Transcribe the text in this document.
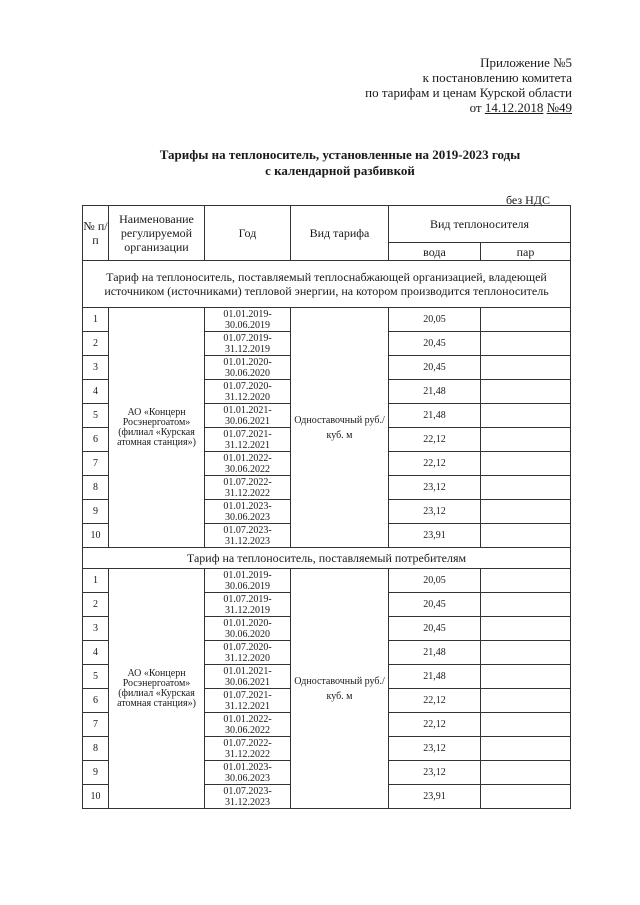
Приложение №5
к постановлению комитета
по тарифам и ценам Курской области
от 14.12.2018 №49
Тарифы на теплоноситель, установленные на 2019-2023 годы
с календарной разбивкой
без НДС
№ п/п	Наименование регулируемой организации	Год	Вид тарифа	Вид теплоносителя	
				вода	пар
Тариф на теплоноситель, поставляемый теплоснабжающей организацией, владеющей источником (источниками) тепловой энергии, на котором производится теплоноситель					
1	АО «Концерн Росэнергоатом» (филиал «Курская атомная станция»)	01.01.2019-30.06.2019	Одноставочный руб./куб. м	20,05	
2		01.07.2019-31.12.2019		20,45	
3		01.01.2020-30.06.2020		20,45	
4		01.07.2020-31.12.2020		21,48	
5		01.01.2021-30.06.2021		21,48	
6		01.07.2021-31.12.2021		22,12	
7		01.01.2022-30.06.2022		22,12	
8		01.07.2022-31.12.2022		23,12	
9		01.01.2023-30.06.2023		23,12	
10		01.07.2023-31.12.2023		23,91	
Тариф на теплоноситель, поставляемый потребителям					
1	АО «Концерн Росэнергоатом» (филиал «Курская атомная станция»)	01.01.2019-30.06.2019	Одноставочный руб./куб. м	20,05	
2		01.07.2019-31.12.2019		20,45	
3		01.01.2020-30.06.2020		20,45	
4		01.07.2020-31.12.2020		21,48	
5		01.01.2021-30.06.2021		21,48	
6		01.07.2021-31.12.2021		22,12	
7		01.01.2022-30.06.2022		22,12	
8		01.07.2022-31.12.2022		23,12	
9		01.01.2023-30.06.2023		23,12	
10		01.07.2023-31.12.2023		23,91	
